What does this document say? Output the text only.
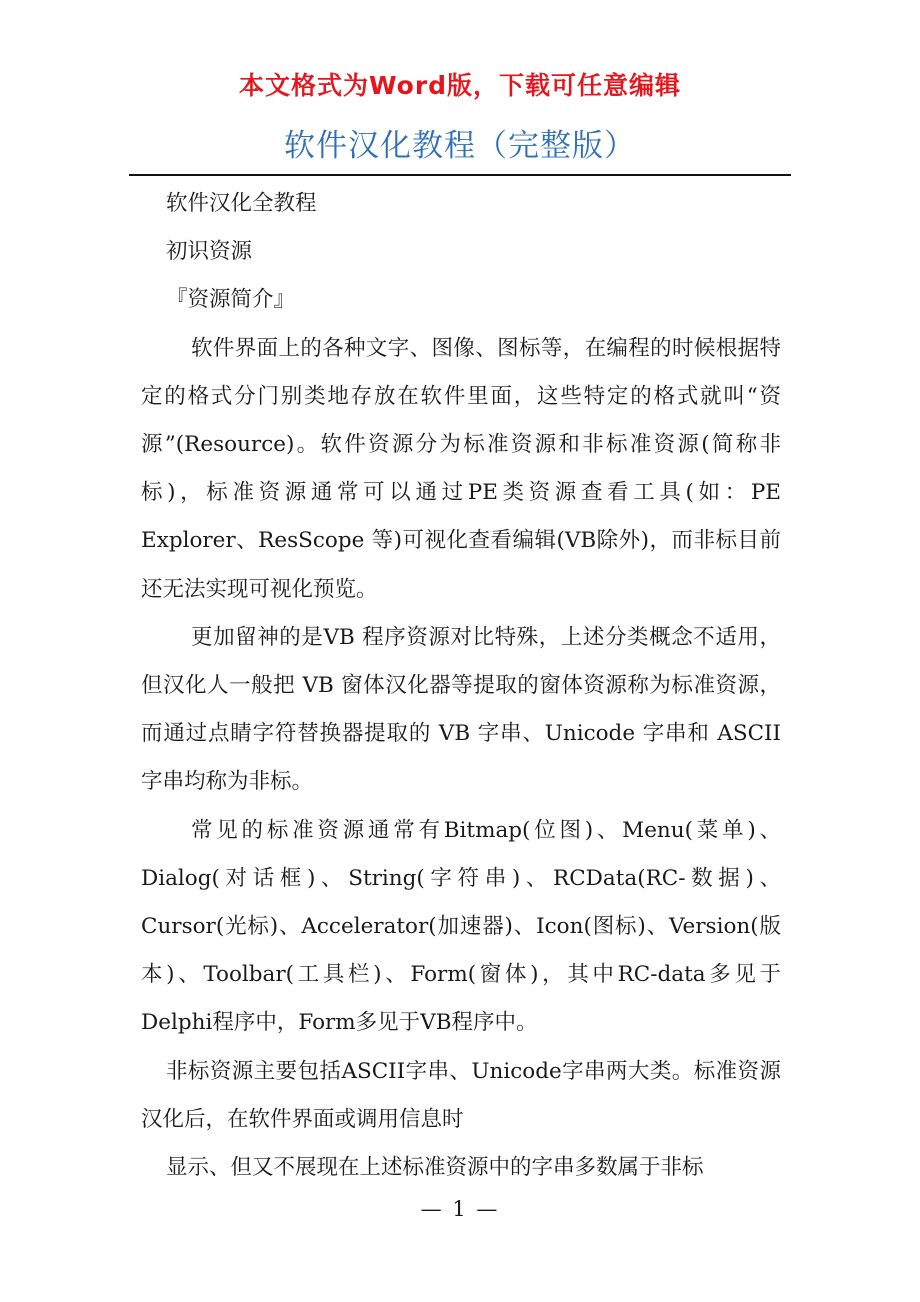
本文格式为Word版，下载可任意编辑
软件汉化教程（完整版）

软件汉化全教程

初识资源

『资源简介』

软件界面上的各种文字、图像、图标等，在编程的时候根据特定的格式分门别类地存放在软件里面，这些特定的格式就叫“资源”(Resource)。软件资源分为标准资源和非标准资源(简称非标)，标准资源通常可以通过PE类资源查看工具(如：PE Explorer、ResScope 等)可视化查看编辑(VB除外)，而非标目前还无法实现可视化预览。

更加留神的是VB 程序资源对比特殊，上述分类概念不适用，但汉化人一般把 VB 窗体汉化器等提取的窗体资源称为标准资源，而通过点睛字符替换器提取的 VB 字串、Unicode 字串和 ASCII 字串均称为非标。

常见的标准资源通常有Bitmap(位图)、Menu(菜单)、Dialog(对话框)、String(字符串)、RCData(RC-数据)、Cursor(光标)、Accelerator(加速器)、Icon(图标)、Version(版本)、Toolbar(工具栏)、Form(窗体)，其中RC-data多见于Delphi程序中，Form多见于VB程序中。

非标资源主要包括ASCII字串、Unicode字串两大类。标准资源汉化后，在软件界面或调用信息时

显示、但又不展现在上述标准资源中的字串多数属于非标

— 1 —
